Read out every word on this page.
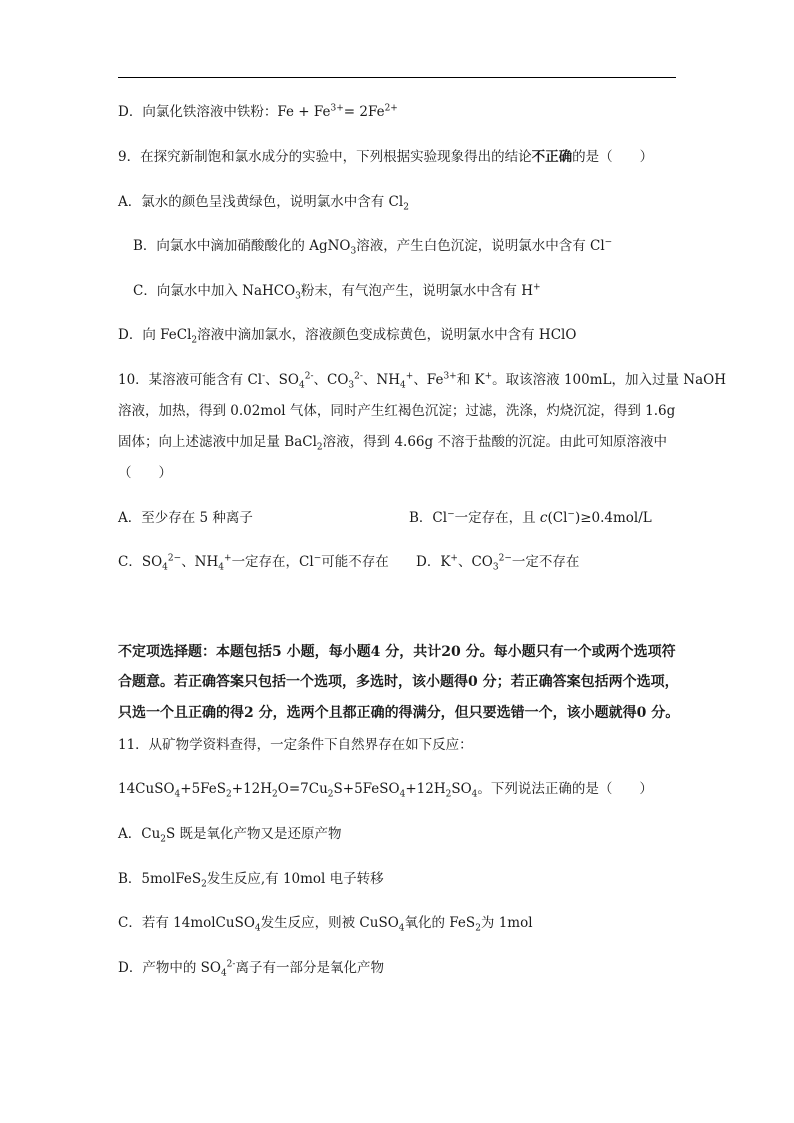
D．向氯化铁溶液中铁粉：$Fe + Fe^{3+}= 2Fe^{2+}$
9．在探究新制饱和氯水成分的实验中，下列根据实验现象得出的结论不正确的是（　　）
A．氯水的颜色呈浅黄绿色，说明氯水中含有 $Cl_2$
B．向氯水中滴加硝酸酸化的 AgNO$_3$溶液，产生白色沉淀，说明氯水中含有 Cl−
C．向氯水中加入 NaHCO$_3$粉末，有气泡产生，说明氯水中含有 H+
D．向 FeCl$_2$溶液中滴加氯水，溶液颜色变成棕黄色，说明氯水中含有 HClO
10．某溶液可能含有 Cl-、$SO_4^{2-}$、$CO_3^{2-}$、$NH_4^+$、$Fe^{3+}$和 K+。取该溶液 100mL，加入过量 NaOH
溶液，加热，得到 0.02mol 气体，同时产生红褐色沉淀；过滤，洗涤，灼烧沉淀，得到 1.6g
固体；向上述滤液中加足量 BaCl$_2$溶液，得到 4.66g 不溶于盐酸的沉淀。由此可知原溶液中
（　　）
A．至少存在 5 种离子	B．Cl−一定存在，且 c(Cl−)≥0.4mol/L
C．$SO_4^{2-}$、$NH_4^+$一定存在，Cl−可能不存在 D．K+、$CO_3^{2-}$一定不存在
不定项选择题：本题包括5 小题，每小题4 分，共计20 分。每小题只有一个或两个选项符
合题意。若正确答案只包括一个选项，多选时，该小题得0 分；若正确答案包括两个选项，
只选一个且正确的得2 分，选两个且都正确的得满分，但只要选错一个，该小题就得0 分。
11．从矿物学资料查得，一定条件下自然界存在如下反应：
$14CuSO_4+5FeS_2+12H_2O=7Cu_2S+5FeSO_4+12H_2SO_4$。下列说法正确的是（　　）
A．$Cu_2S$ 既是氧化产物又是还原产物
B．5molFeS$_2$发生反应,有 10mol 电子转移
C．若有 14molCuSO$_4$发生反应，则被 CuSO$_4$氧化的 FeS$_2$为 1mol
D．产物中的 $SO_4^{2-}$离子有一部分是氧化产物
